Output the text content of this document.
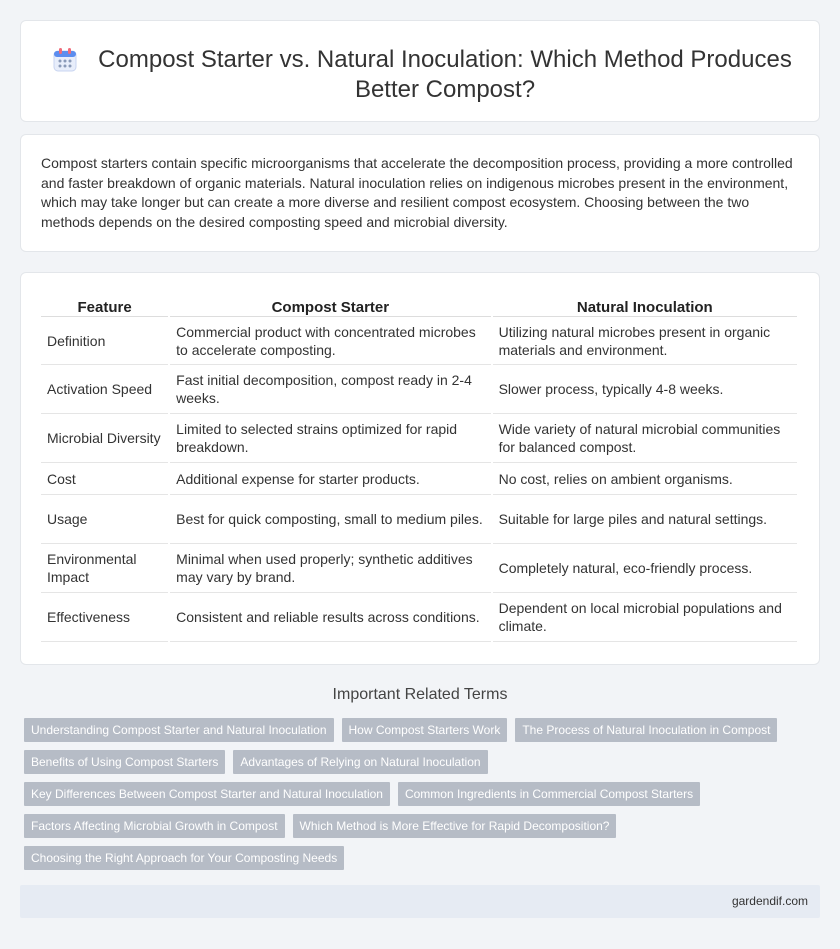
Compost Starter vs. Natural Inoculation: Which Method Produces Better Compost?

Compost starters contain specific microorganisms that accelerate the decomposition process, providing a more controlled and faster breakdown of organic materials. Natural inoculation relies on indigenous microbes present in the environment, which may take longer but can create a more diverse and resilient compost ecosystem. Choosing between the two methods depends on the desired composting speed and microbial diversity.

Feature	Compost Starter	Natural Inoculation
Definition	Commercial product with concentrated microbes to accelerate composting.	Utilizing natural microbes present in organic materials and environment.
Activation Speed	Fast initial decomposition, compost ready in 2-4 weeks.	Slower process, typically 4-8 weeks.
Microbial Diversity	Limited to selected strains optimized for rapid breakdown.	Wide variety of natural microbial communities for balanced compost.
Cost	Additional expense for starter products.	No cost, relies on ambient organisms.
Usage	Best for quick composting, small to medium piles.	Suitable for large piles and natural settings.
Environmental Impact	Minimal when used properly; synthetic additives may vary by brand.	Completely natural, eco-friendly process.
Effectiveness	Consistent and reliable results across conditions.	Dependent on local microbial populations and climate.
Important Related Terms
Understanding Compost Starter and Natural Inoculation	How Compost Starters Work	The Process of Natural Inoculation in Compost
Benefits of Using Compost Starters	Advantages of Relying on Natural Inoculation
Key Differences Between Compost Starter and Natural Inoculation	Common Ingredients in Commercial Compost Starters
Factors Affecting Microbial Growth in Compost	Which Method is More Effective for Rapid Decomposition?
Choosing the Right Approach for Your Composting Needs
gardendif.com
